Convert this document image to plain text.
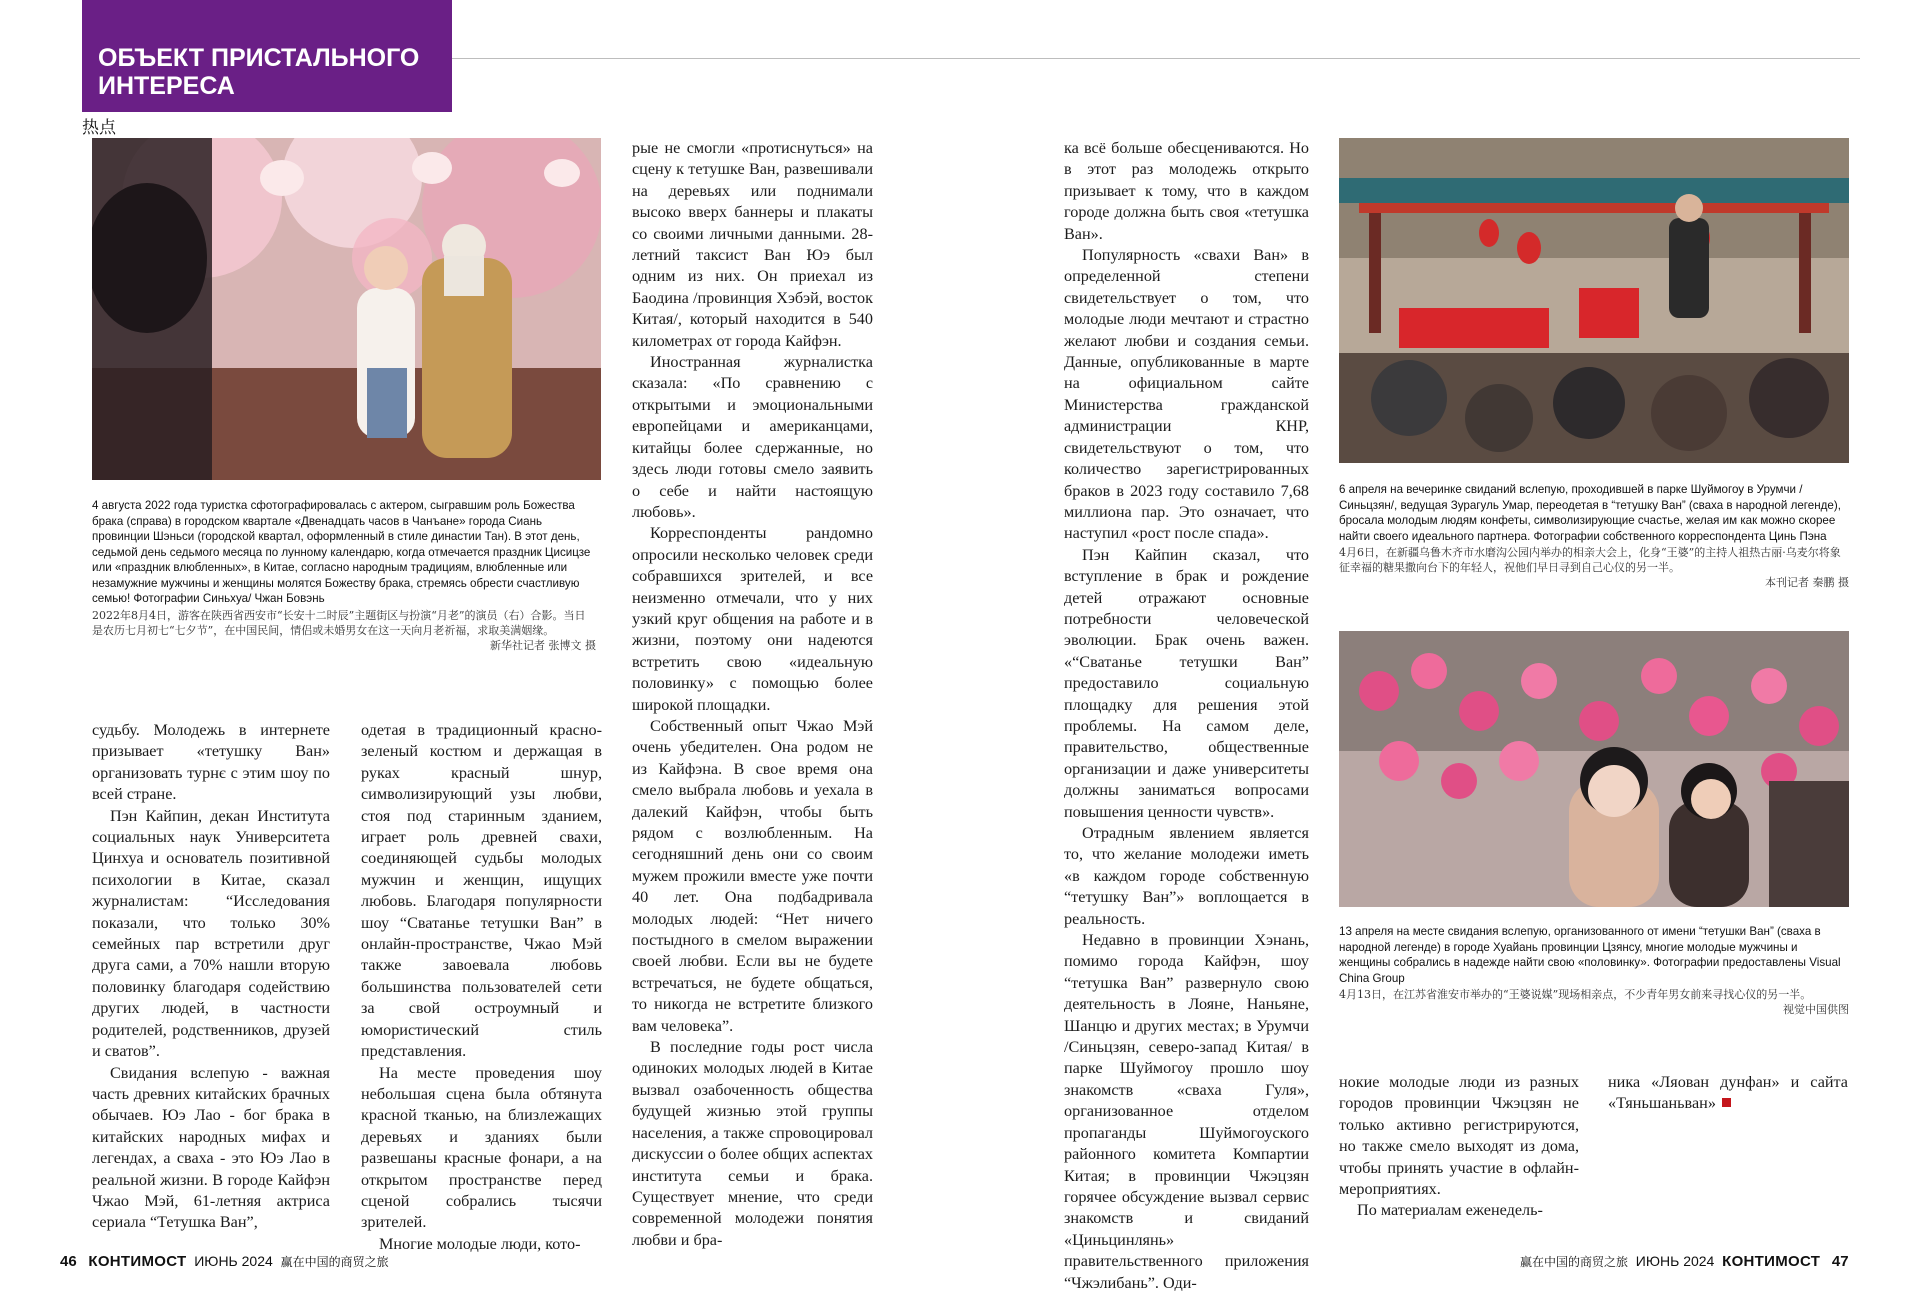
ОБЪЕКТ ПРИСТАЛЬНОГО ИНТЕРЕСА
热点
4 августа 2022 года туристка сфотографировалась с актером, сыгравшим роль Божества брака (справа) в городском квартале «Двенадцать часов в Чанъане» города Сиань провинции Шэньси (городской квартал, оформленный в стиле династии Тан). В этот день, седьмой день седьмого месяца по лунному календарю, когда отмечается праздник Цисицзе или «праздник влюбленных», в Китае, согласно народным традициям, влюбленные или незамужние мужчины и женщины молятся Божеству брака, стремясь обрести счастливую семью! Фотографии Синьхуа/ Чжан Бовэнь
2022年8月4日，游客在陕西省西安市“长安十二时辰”主题街区与扮演“月老”的演员（右）合影。当日是农历七月初七“七夕节”，在中国民间，情侣或未婚男女在这一天向月老祈福，求取美满姻缘。
新华社记者 张博文 摄

судьбу. Молодежь в интернете призывает «тетушку Ван» организовать турнє с этим шоу по всей стране.

Пэн Кайпин, декан Института социальных наук Университета Цинхуа и основатель позитивной психологии в Китае, сказал журналистам: “Исследования показали, что только 30% семейных пар встретили друг друга сами, а 70% нашли вторую половинку благодаря содействию других людей, в частности родителей, родственников, друзей и сватов”.

Свидания вслепую - важная часть древних китайских брачных обычаев. Юэ Лао - бог брака в китайских народных мифах и легендах, а сваха - это Юэ Лао в реальной жизни. В городе Кайфэн Чжао Мэй, 61-летняя актриса сериала “Тетушка Ван”,

одетая в традиционный красно-зеленый костюм и держащая в руках красный шнур, символизирующий узы любви, стоя под старинным зданием, играет роль древней свахи, соединяющей судьбы молодых мужчин и женщин, ищущих любовь. Благодаря популярности шоу “Сватанье тетушки Ван” в онлайн-пространстве, Чжао Мэй также завоевала любовь большинства пользователей сети за свой остроумный и юмористический стиль представления.

На месте проведения шоу небольшая сцена была обтянута красной тканью, на близлежащих деревьях и зданиях были развешаны красные фонари, а на открытом пространстве перед сценой собрались тысячи зрителей.

Многие молодые люди, кото-

рые не смогли «протиснуться» на сцену к тетушке Ван, развешивали на деревьях или поднимали высоко вверх баннеры и плакаты со своими личными данными. 28-летний таксист Ван Юэ был одним из них. Он приехал из Баодина /провинция Хэбэй, восток Китая/, который находится в 540 километрах от города Кайфэн.

Иностранная журналистка сказала: «По сравнению с открытыми и эмоциональными европейцами и американцами, китайцы более сдержанные, но здесь люди готовы смело заявить о себе и найти настоящую любовь».

Корреспонденты рандомно опросили несколько человек среди собравшихся зрителей, и все неизменно отмечали, что у них узкий круг общения на работе и в жизни, поэтому они надеются встретить свою «идеальную половинку» с помощью более широкой площадки.

Собственный опыт Чжао Мэй очень убедителен. Она родом не из Кайфэна. В свое время она смело выбрала любовь и уехала в далекий Кайфэн, чтобы быть рядом с возлюбленным. На сегодняшний день они со своим мужем прожили вместе уже почти 40 лет. Она подбадривала молодых людей: “Нет ничего постыдного в смелом выражении своей любви. Если вы не будете встречаться, не будете общаться, то никогда не встретите близкого вам человека”.

В последние годы рост числа одиноких молодых людей в Китае вызвал озабоченность общества будущей жизнью этой группы населения, а также спровоцировал дискуссии о более общих аспектах института семьи и брака. Существует мнение, что среди современной молодежи понятия любви и бра-

46 КОНТИМОСТ ИЮНЬ 2024 赢在中国的商贸之旅

ка всё больше обесцениваются. Но в этот раз молодежь открыто призывает к тому, что в каждом городе должна быть своя «тетушка Ван».

Популярность «свахи Ван» в определенной степени свидетельствует о том, что молодые люди мечтают и страстно желают любви и создания семьи. Данные, опубликованные в марте на официальном сайте Министерства гражданской администрации КНР, свидетельствуют о том, что количество зарегистрированных браков в 2023 году составило 7,68 миллиона пар. Это означает, что наступил «рост после спада».

Пэн Кайпин сказал, что вступление в брак и рождение детей отражают основные потребности человеческой эволюции. Брак очень важен. «“Сватанье тетушки Ван” предоставило социальную площадку для решения этой проблемы. На самом деле, правительство, общественные организации и даже университеты должны заниматься вопросами повышения ценности чувств».

Отрадным явлением является то, что желание молодежи иметь «в каждом городе собственную “тетушку Ван”» воплощается в реальность.

Недавно в провинции Хэнань, помимо города Кайфэн, шоу “тетушка Ван” развернуло свою деятельность в Лояне, Наньяне, Шанцю и других местах; в Урумчи /Синьцзян, северо-запад Китая/ в парке Шуймогоу прошло шоу знакомств «сваха Гуля», организованное отделом пропаганды Шуймогоуского районного комитета Компартии Китая; в провинции Чжэцзян горячее обсуждение вызвал сервис знакомств и свиданий «Циньцинлянь» правительственного приложения “Чжэлибань”. Оди-

6 апреля на вечеринке свиданий вслепую, проходившей в парке Шуймогоу в Урумчи /Синьцзян/, ведущая Зурагуль Умар, переодетая в “тетушку Ван” (сваха в народной легенде), бросала молодым людям конфеты, символизирующие счастье, желая им как можно скорее найти своего идеального партнера. Фотографии собственного корреспондента Цинь Пэна
4月6日，在新疆乌鲁木齐市水磨沟公园内举办的相亲大会上，化身“王婆”的主持人祖热古丽·乌麦尔将象征幸福的糖果撒向台下的年轻人，祝他们早日寻到自己心仪的另一半。
本刊记者 秦鹏 摄
13 апреля на месте свидания вслепую, организованного от имени “тетушки Ван” (сваха в народной легенде) в городе Хуайань провинции Цзянсу, многие молодые мужчины и женщины собрались в надежде найти свою «половинку». Фотографии предоставлены Visual China Group
4月13日，在江苏省淮安市举办的“王婆说媒”现场相亲点，不少青年男女前来寻找心仪的另一半。
视觉中国供图

нокие молодые люди из разных городов провинции Чжэцзян не только активно регистрируются, но также смело выходят из дома, чтобы принять участие в офлайн-мероприятиях.

По материалам еженедель-

ника «Ляован дунфан» и сайта «Тяньшаньван»

赢在中国的商贸之旅 ИЮНЬ 2024 КОНТИМОСТ 47
